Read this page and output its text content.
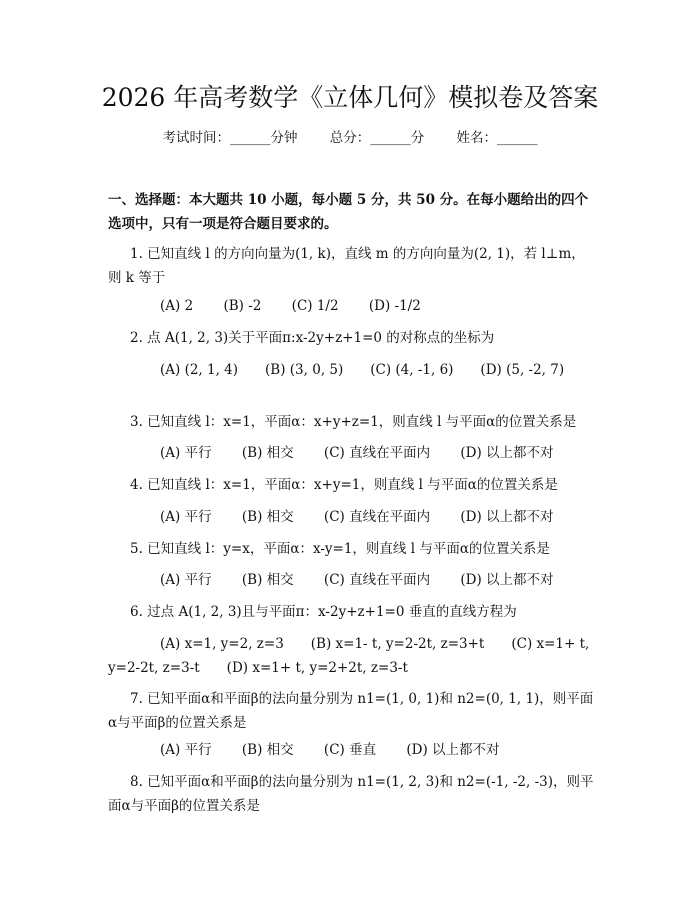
2026 年高考数学《立体几何》模拟卷及答案
考试时间：______分钟 总分：______分 姓名：______
一、选择题：本大题共 10 小题，每小题 5 分，共 50 分。在每小题给出的四个选项中，只有一项是符合题目要求的。
1. 已知直线 l 的方向向量为(1, k)，直线 m 的方向向量为(2, 1)，若 l⊥m，则 k 等于
(A) 2 (B) -2 (C) 1/2 (D) -1/2
2. 点 A(1, 2, 3)关于平面π:x-2y+z+1=0 的对称点的坐标为
(A) (2, 1, 4)　　(B) (3, 0, 5)　　(C) (4, -1, 6)　　(D) (5, -2, 7)
3. 已知直线 l：x=1，平面α：x+y+z=1，则直线 l 与平面α的位置关系是
(A) 平行 (B) 相交 (C) 直线在平面内 (D) 以上都不对
4. 已知直线 l：x=1，平面α：x+y=1，则直线 l 与平面α的位置关系是
(A) 平行 (B) 相交 (C) 直线在平面内 (D) 以上都不对
5. 已知直线 l：y=x，平面α：x-y=1，则直线 l 与平面α的位置关系是
(A) 平行 (B) 相交 (C) 直线在平面内 (D) 以上都不对
6. 过点 A(1, 2, 3)且与平面π：x-2y+z+1=0 垂直的直线方程为
(A) x=1, y=2, z=3　　(B) x=1- t, y=2-2t, z=3+t　　(C) x=1+ t, y=2-2t, z=3-t　　(D) x=1+ t, y=2+2t, z=3-t
7. 已知平面α和平面β的法向量分别为 n1=(1, 0, 1)和 n2=(0, 1, 1)，则平面α与平面β的位置关系是
(A) 平行 (B) 相交 (C) 垂直 (D) 以上都不对
8. 已知平面α和平面β的法向量分别为 n1=(1, 2, 3)和 n2=(-1, -2, -3)，则平面α与平面β的位置关系是
